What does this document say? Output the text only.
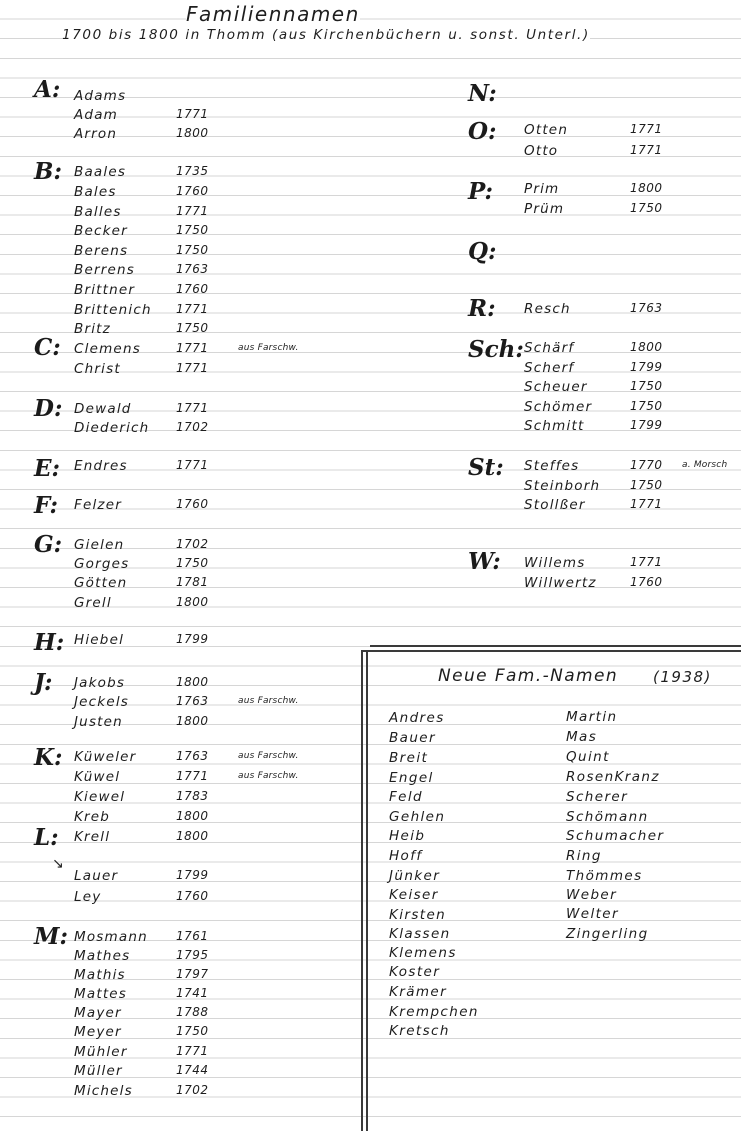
Familiennamen
1700 bis 1800 in Thomm (aus Kirchenbüchern u. sonst. Unterl.)
A: Adams
Adam	1771
Arron	1800
B: Baales	1735
Bales	1760
Balles	1771
Becker	1750
Berens	1750
Berrens	1763
Brittner	1760
Brittenich 1771
Britz	1750
C: Clemens	1771	aus Farschw.
Christ	1771
D: Dewald	1771
Diederich 1702
E: Endres	1771
F: Felzer	1760
G: Gielen	1702
Gorges	1750
Götten	1781
Grell	1800
H: Hiebel	1799
J: Jakobs	1800
Jeckels	1763	aus Farschw.
Justen	1800
K: Küweler	1763	aus Farschw.
Küwel	1771	aus Farschw.
Kiewel	1783
Kreb	1800
L: Krell	1800
Lauer	1799
Ley	1760
M: Mosmann 1761
Mathes	1795
Mathis	1797
Mattes	1741
Mayer	1788
Meyer	1750
Mühler	1771
Müller	1744
Michels	1702
N:
O: Otten	1771
Otto	1771
P: Prim	1800
Prüm	1750
Q:
R: Resch	1763
Sch: Schärf	1800
Scherf	1799
Scheuer	1750
Schömer	1750
Schmitt	1799
St: Steffes	1770 a. Morsch
Steinborh 1750
Stollßer	1771
W: Willems	1771
Willwertz	1760
↘
Neue Fam.-Namen (1938)
Andres
Bauer
Breit
Engel
Feld
Gehlen
Heib
Hoff
Jünker
Keiser
Kirsten
Klassen
Klemens
Koster
Krämer
Krempchen
Kretsch
Martin
Mas
Quint
RosenKranz
Scherer
Schömann
Schumacher
Ring
Thömmes
Weber
Welter
Zingerling
